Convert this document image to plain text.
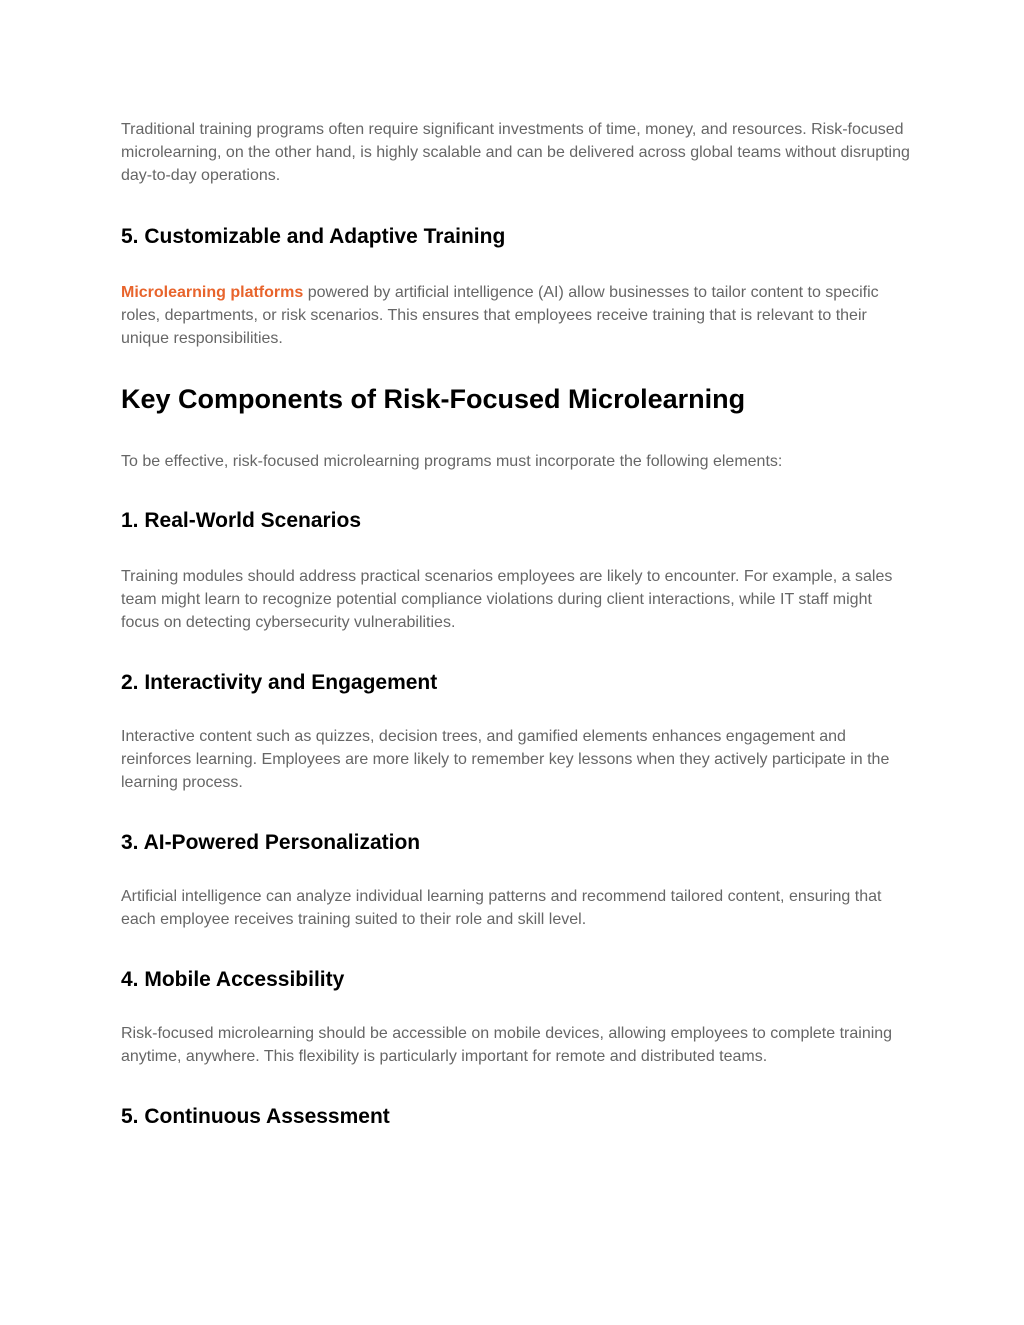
Traditional training programs often require significant investments of time, money, and resources. Risk-focused microlearning, on the other hand, is highly scalable and can be delivered across global teams without disrupting day-to-day operations.

5. Customizable and Adaptive Training

Microlearning platforms powered by artificial intelligence (AI) allow businesses to tailor content to specific roles, departments, or risk scenarios. This ensures that employees receive training that is relevant to their unique responsibilities.

Key Components of Risk-Focused Microlearning

To be effective, risk-focused microlearning programs must incorporate the following elements:

1. Real-World Scenarios

Training modules should address practical scenarios employees are likely to encounter. For example, a sales team might learn to recognize potential compliance violations during client interactions, while IT staff might focus on detecting cybersecurity vulnerabilities.

2. Interactivity and Engagement

Interactive content such as quizzes, decision trees, and gamified elements enhances engagement and reinforces learning. Employees are more likely to remember key lessons when they actively participate in the learning process.

3. AI-Powered Personalization

Artificial intelligence can analyze individual learning patterns and recommend tailored content, ensuring that each employee receives training suited to their role and skill level.

4. Mobile Accessibility

Risk-focused microlearning should be accessible on mobile devices, allowing employees to complete training anytime, anywhere. This flexibility is particularly important for remote and distributed teams.

5. Continuous Assessment
